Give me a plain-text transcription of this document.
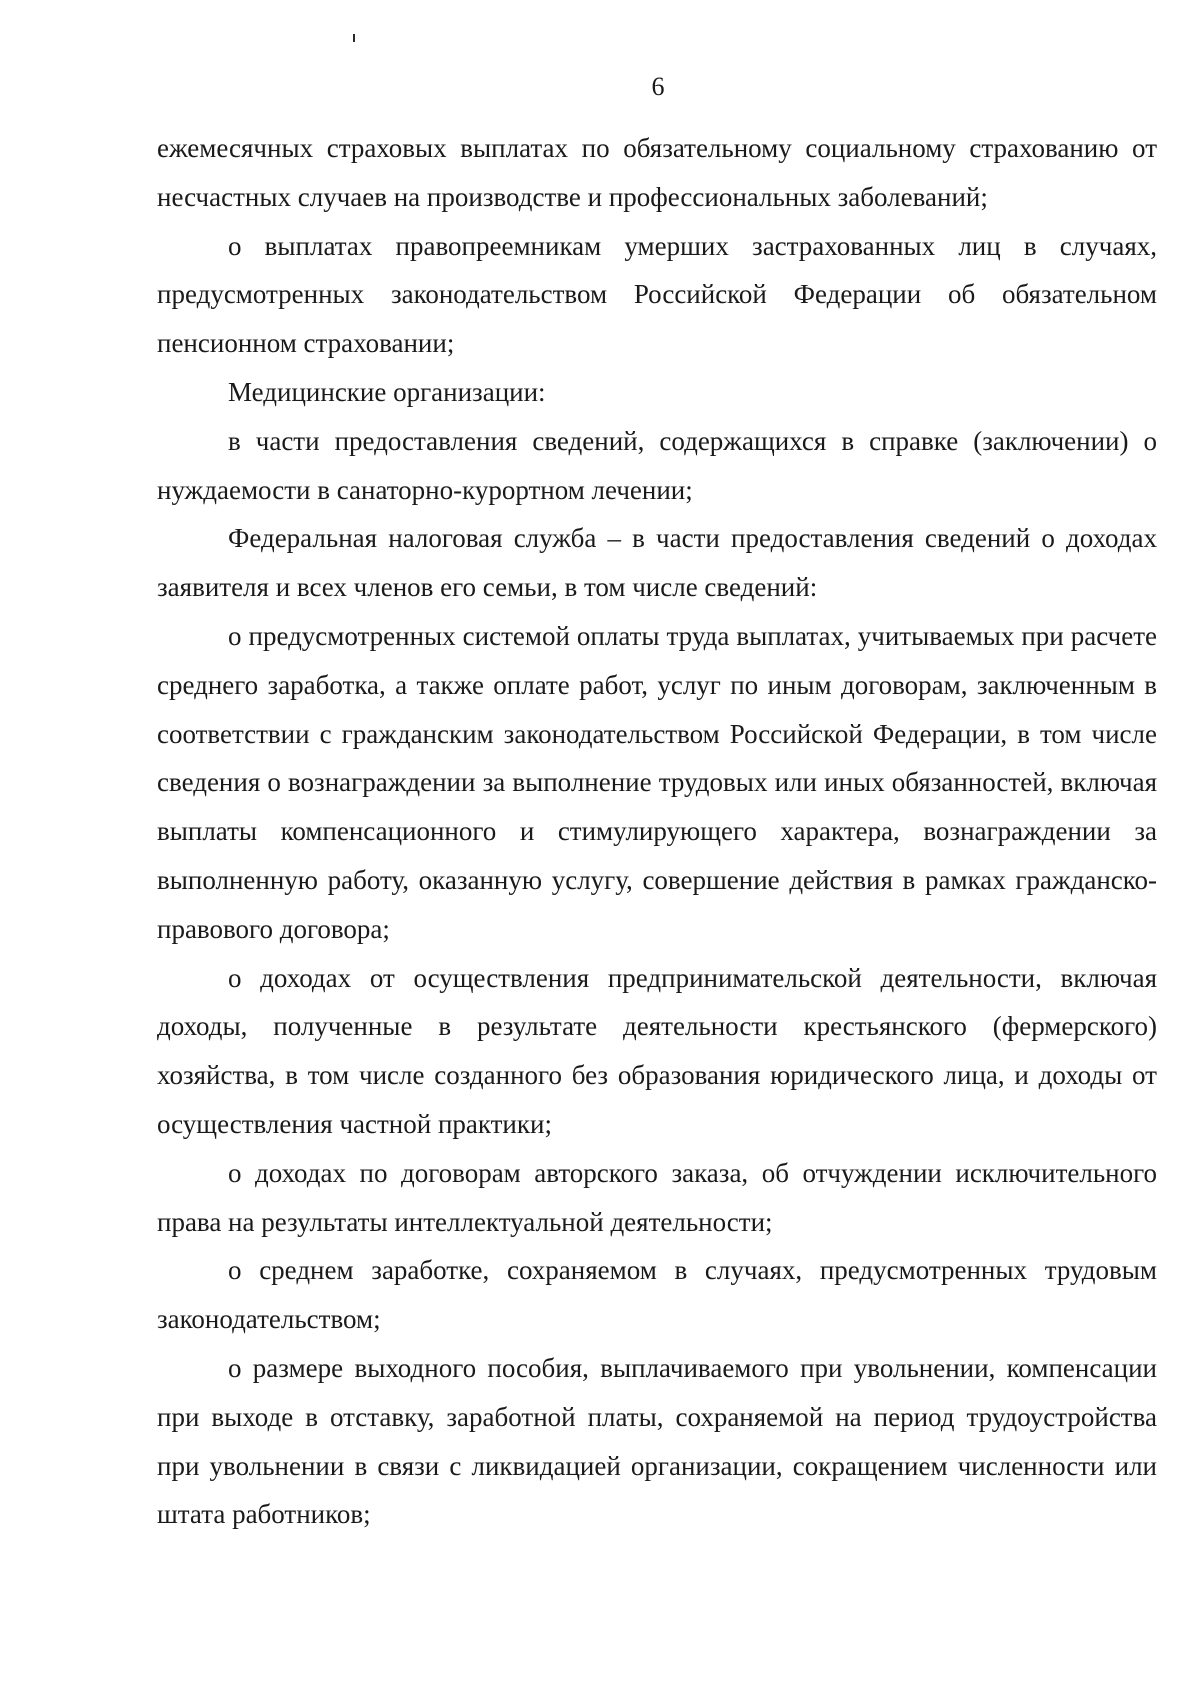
6

ежемесячных страховых выплатах по обязательному социальному страхованию от несчастных случаев на производстве и профессиональных заболеваний;

о выплатах правопреемникам умерших застрахованных лиц в случаях, предусмотренных законодательством Российской Федерации об обязательном пенсионном страховании;

Медицинские организации:

в части предоставления сведений, содержащихся в справке (заключении) о нуждаемости в санаторно-курортном лечении;

Федеральная налоговая служба – в части предоставления сведений о доходах заявителя и всех членов его семьи, в том числе сведений:

о предусмотренных системой оплаты труда выплатах, учитываемых при расчете среднего заработка, а также оплате работ, услуг по иным договорам, заключенным в соответствии с гражданским законодательством Российской Федерации, в том числе сведения о вознаграждении за выполнение трудовых или иных обязанностей, включая выплаты компенсационного и стимулирующего характера, вознаграждении за выполненную работу, оказанную услугу, совершение действия в рамках гражданско-правового договора;

о доходах от осуществления предпринимательской деятельности, включая доходы, полученные в результате деятельности крестьянского (фермерского) хозяйства, в том числе созданного без образования юридического лица, и доходы от осуществления частной практики;

о доходах по договорам авторского заказа, об отчуждении исключительного права на результаты интеллектуальной деятельности;

о среднем заработке, сохраняемом в случаях, предусмотренных трудовым законодательством;

о размере выходного пособия, выплачиваемого при увольнении, компенсации при выходе в отставку, заработной платы, сохраняемой на период трудоустройства при увольнении в связи с ликвидацией организации, сокращением численности или штата работников;
